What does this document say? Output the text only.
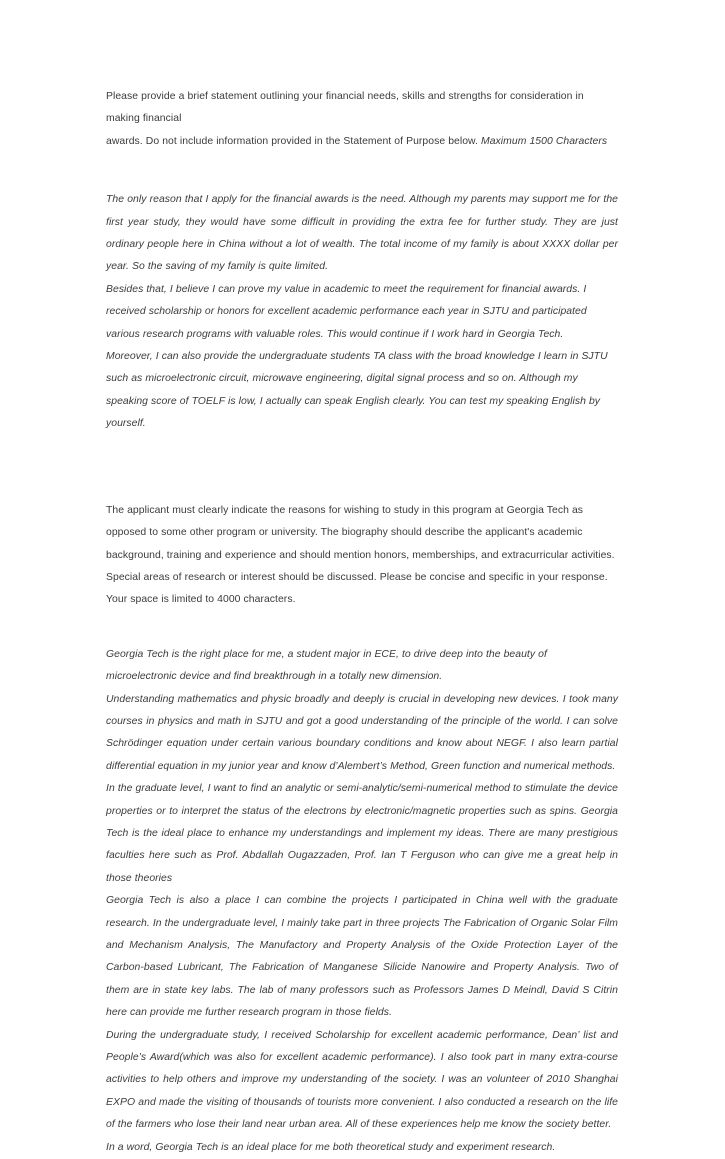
Please provide a brief statement outlining your financial needs, skills and strengths for consideration in making financial

awards. Do not include information provided in the Statement of Purpose below. Maximum 1500 Characters

The only reason that I apply for the financial awards is the need. Although my parents may support me for the first year study, they would have some difficult in providing the extra fee for further study. They are just ordinary people here in China without a lot of wealth. The total income of my family is about XXXX dollar per year. So the saving of my family is quite limited.

Besides that, I believe I can prove my value in academic to meet the requirement for financial awards. I received scholarship or honors for excellent academic performance each year in SJTU and participated various research programs with valuable roles. This would continue if I work hard in Georgia Tech.

Moreover, I can also provide the undergraduate students TA class with the broad knowledge I learn in SJTU such as microelectronic circuit, microwave engineering, digital signal process and so on. Although my speaking score of TOELF is low, I actually can speak English clearly. You can test my speaking English by yourself.

The applicant must clearly indicate the reasons for wishing to study in this program at Georgia Tech as opposed to some other program or university. The biography should describe the applicant's academic background, training and experience and should mention honors, memberships, and extracurricular activities. Special areas of research or interest should be discussed. Please be concise and specific in your response. Your space is limited to 4000 characters.

Georgia Tech is the right place for me, a student major in ECE, to drive deep into the beauty of microelectronic device and find breakthrough in a totally new dimension.

Understanding mathematics and physic broadly and deeply is crucial in developing new devices. I took many courses in physics and math in SJTU and got a good understanding of the principle of the world. I can solve Schrödinger equation under certain various boundary conditions and know about NEGF. I also learn partial differential equation in my junior year and know d’Alembert’s Method, Green function and numerical methods.

In the graduate level, I want to find an analytic or semi-analytic/semi-numerical method to stimulate the device properties or to interpret the status of the electrons by electronic/magnetic properties such as spins. Georgia Tech is the ideal place to enhance my understandings and implement my ideas. There are many prestigious faculties here such as Prof. Abdallah Ougazzaden, Prof. Ian T Ferguson who can give me a great help in those theories

Georgia Tech is also a place I can combine the projects I participated in China well with the graduate research. In the undergraduate level, I mainly take part in three projects The Fabrication of Organic Solar Film and Mechanism Analysis, The Manufactory and Property Analysis of the Oxide Protection Layer of the Carbon-based Lubricant, The Fabrication of Manganese Silicide Nanowire and Property Analysis. Two of them are in state key labs. The lab of many professors such as Professors James D Meindl, David S Citrin here can provide me further research program in those fields.

During the undergraduate study, I received Scholarship for excellent academic performance, Dean’ list and People’s Award(which was also for excellent academic performance). I also took part in many extra-course activities to help others and improve my understanding of the society. I was an volunteer of 2010 Shanghai EXPO and made the visiting of thousands of tourists more convenient. I also conducted a research on the life of the farmers who lose their land near urban area. All of these experiences help me know the society better.

In a word, Georgia Tech is an ideal place for me both theoretical study and experiment research.
